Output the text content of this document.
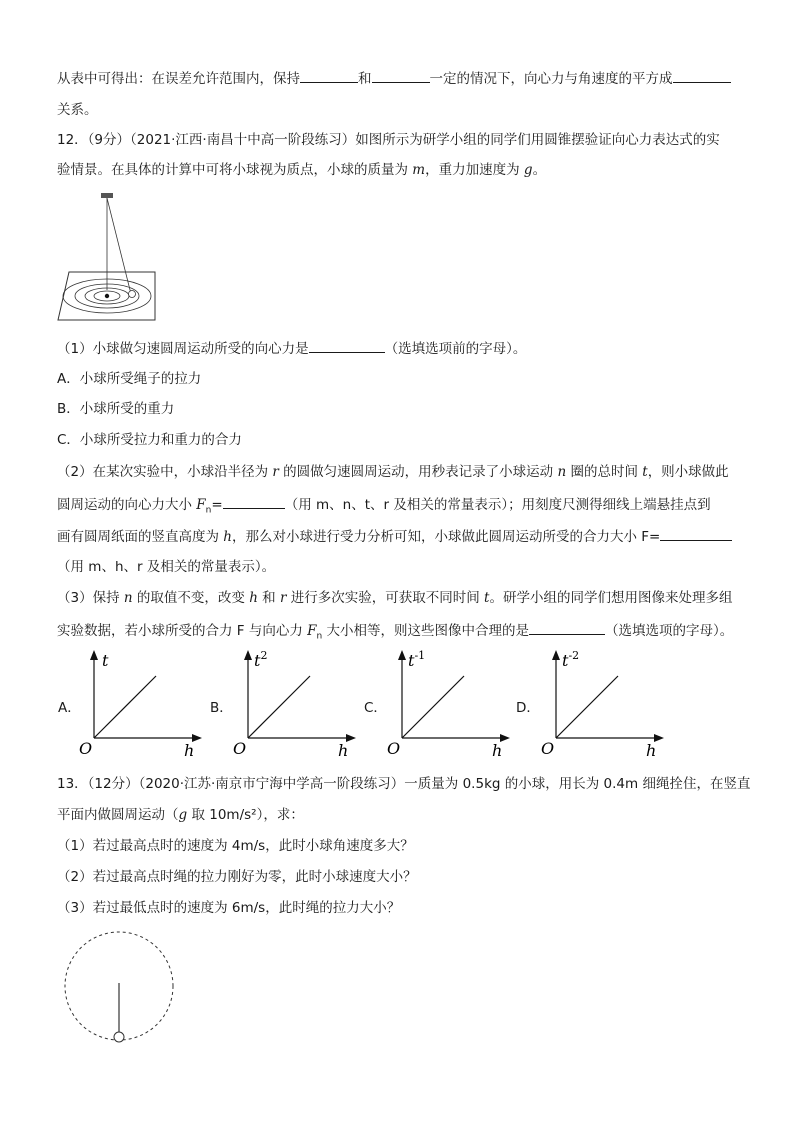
从表中可得出：在误差允许范围内，保持	和	一定的情况下，向心力与角速度的平方成
关系。
12．（9分）（2021·江西·南昌十中高一阶段练习）如图所示为研学小组的同学们用圆锥摆验证向心力表达式的实
验情景。在具体的计算中可将小球视为质点，小球的质量为 m，重力加速度为 g。
（1）小球做匀速圆周运动所受的向心力是	（选填选项前的字母）。
A．小球所受绳子的拉力
B．小球所受的重力
C．小球所受拉力和重力的合力
（2）在某次实验中，小球沿半径为 r 的圆做匀速圆周运动，用秒表记录了小球运动 n 圈的总时间 t，则小球做此
圆周运动的向心力大小 $F_n=$	（用 m、n、t、r 及相关的常量表示）；用刻度尺测得细线上端悬挂点到
画有圆周纸面的竖直高度为 h，那么对小球进行受力分析可知，小球做此圆周运动所受的合力大小 F=
（用 m、h、r 及相关的常量表示）。
（3）保持 n 的取值不变，改变 h 和 r 进行多次实验，可获取不同时间 t。研学小组的同学们想用图像来处理多组
实验数据，若小球所受的合力 F 与向心力 $F_n$ 大小相等，则这些图像中合理的是	（选填选项的字母）。
A．
t
h
O
B．
$t^2$
h
O
C．
$t^{-1}$
h
O
D．
$t^{-2}$
h
O
13．（12分）（2020·江苏·南京市宁海中学高一阶段练习）一质量为 0.5kg 的小球，用长为 0.4m 细绳拴住，在竖直
平面内做圆周运动（g 取 10m/s²），求：
（1）若过最高点时的速度为 4m/s，此时小球角速度多大？
（2）若过最高点时绳的拉力刚好为零，此时小球速度大小？
（3）若过最低点时的速度为 6m/s，此时绳的拉力大小？
